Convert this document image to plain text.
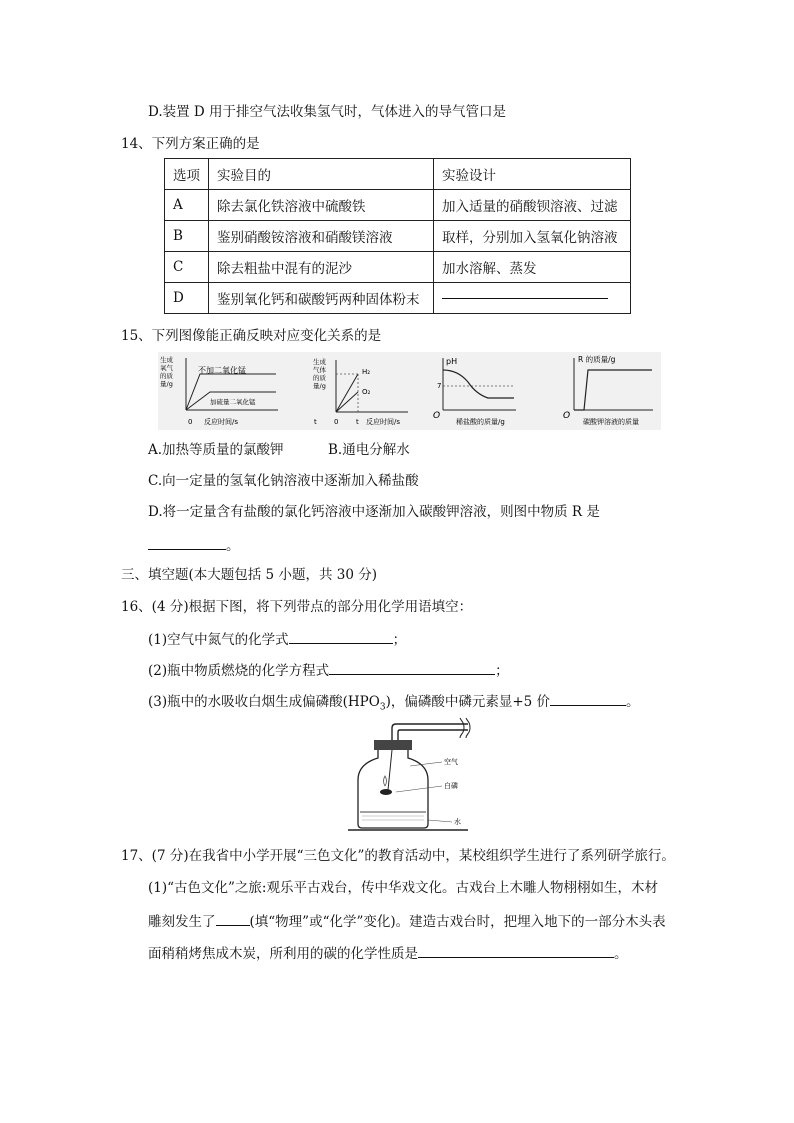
D.装置 D 用于排空气法收集氢气时，气体进入的导气管口是
14、下列方案正确的是
选项	实验目的	实验设计
A	除去氯化铁溶液中硫酸铁	加入适量的硝酸钡溶液、过滤
B	鉴别硝酸铵溶液和硝酸镁溶液	取样，分别加入氢氧化钠溶液
C	除去粗盐中混有的泥沙	加水溶解、蒸发
D	鉴别氧化钙和碳酸钙两种固体粉末	
15、下列图像能正确反映对应变化关系的是
生成
氧气
的质
量/g
不加二氧化锰
加硫量二氧化锰
0 反应时间/s
生成
气体
的质
量/g
H₂
O₂
t 0	t 反应时间/s
pH
7
O
稀盐酸的质量/g
R 的质量/g
O
碳酸钾溶液的质量
A.加热等质量的氯酸钾	B.通电分解水
C.向一定量的氢氧化钠溶液中逐渐加入稀盐酸
D.将一定量含有盐酸的氯化钙溶液中逐渐加入碳酸钾溶液，则图中物质 R 是
。
三、填空题(本大题包括 5 小题，共 30 分)
16、(4 分)根据下图，将下列带点的部分用化学用语填空：
(1)空气中氮气的化学式	；
(2)瓶中物质燃烧的化学方程式	；
(3)瓶中的水吸收白烟生成偏磷酸$(HPO_3)$，偏磷酸中磷元素显+5 价	。
空气
白磷
水
17、(7 分)在我省中小学开展“三色文化”的教育活动中，某校组织学生进行了系列研学旅行。
(1)“古色文化”之旅:观乐平古戏台，传中华戏文化。古戏台上木雕人物栩栩如生，木材
雕刻发生了	(填“物理”或“化学”变化)。建造古戏台时，把埋入地下的一部分木头表
面稍稍烤焦成木炭，所利用的碳的化学性质是	。
